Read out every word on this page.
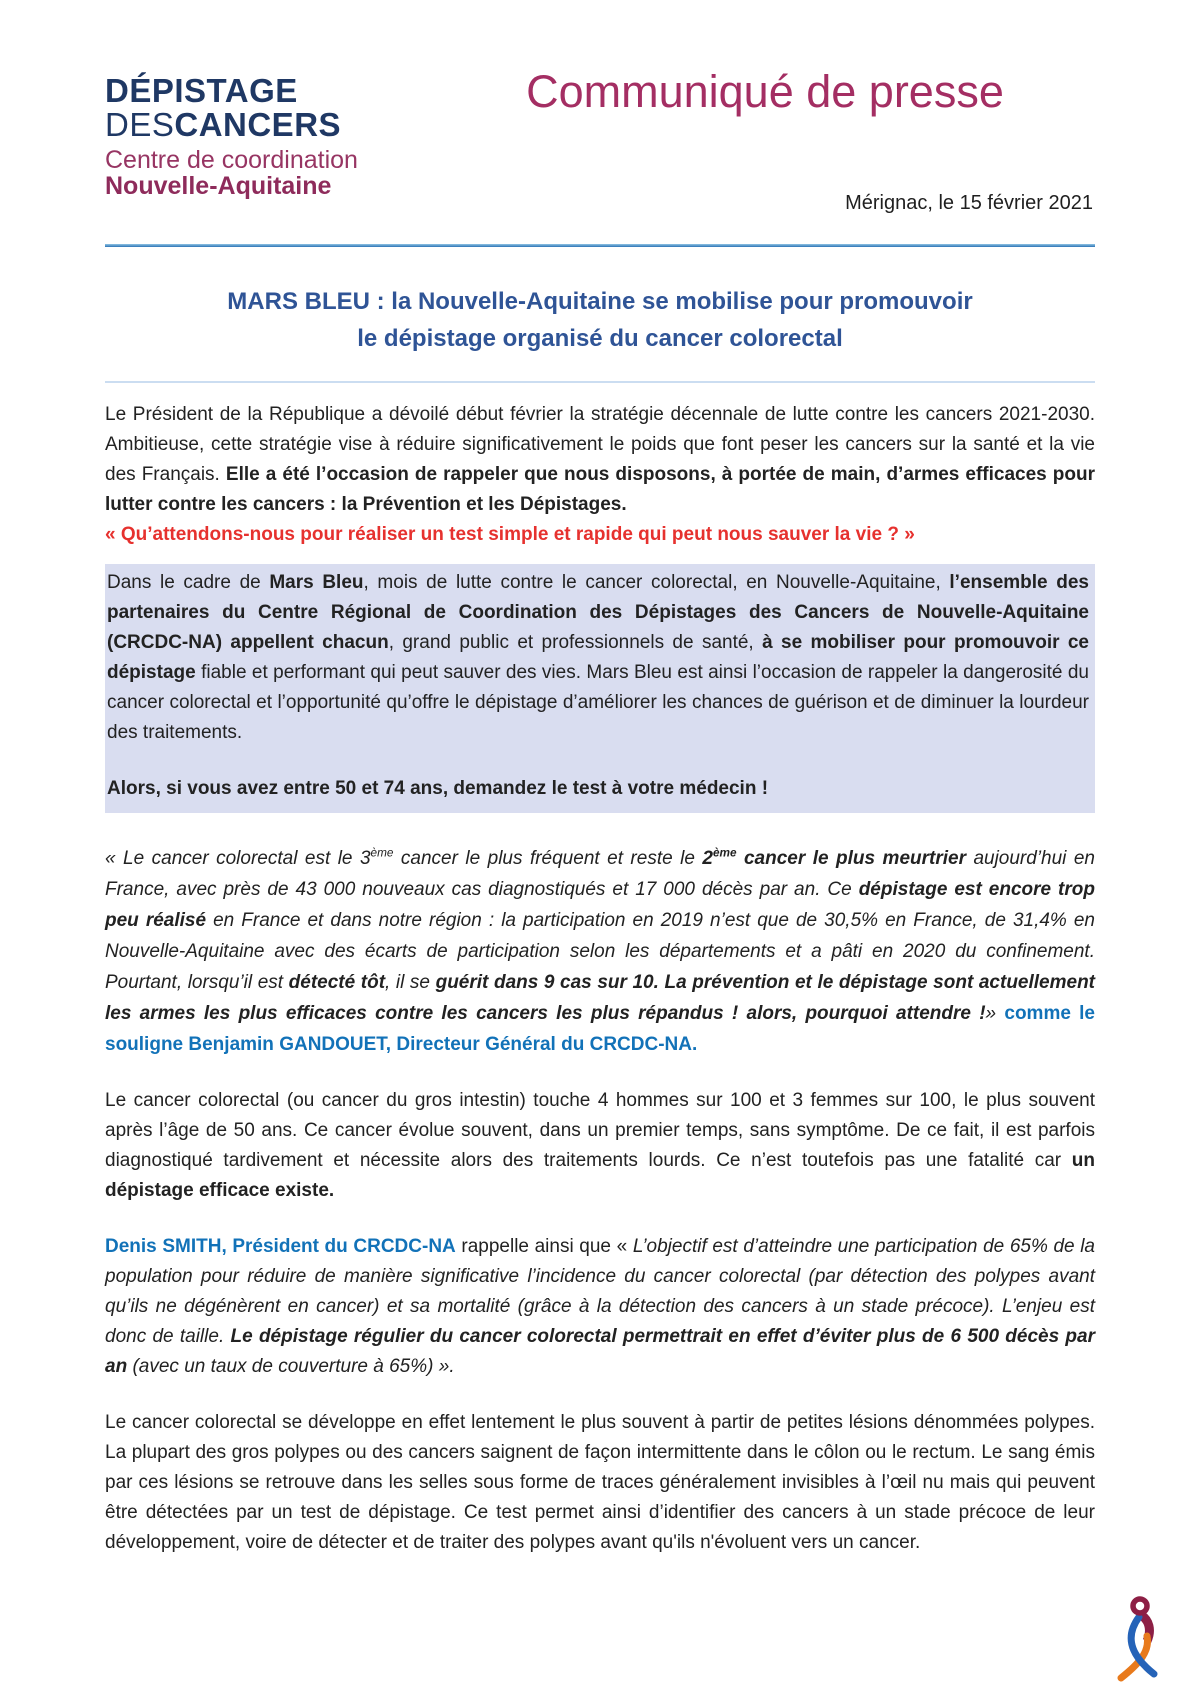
DÉPISTAGE
DESCANCERS
Centre de coordination
Nouvelle-Aquitaine
Communiqué de presse
Mérignac, le 15 février 2021
MARS BLEU : la Nouvelle-Aquitaine se mobilise pour promouvoir
le dépistage organisé du cancer colorectal
Le Président de la République a dévoilé début février la stratégie décennale de lutte contre les cancers 2021-2030. Ambitieuse, cette stratégie vise à réduire significativement le poids que font peser les cancers sur la santé et la vie des Français. Elle a été l’occasion de rappeler que nous disposons, à portée de main, d’armes efficaces pour lutter contre les cancers : la Prévention et les Dépistages.
« Qu’attendons-nous pour réaliser un test simple et rapide qui peut nous sauver la vie ? »
Dans le cadre de Mars Bleu, mois de lutte contre le cancer colorectal, en Nouvelle-Aquitaine, l’ensemble des partenaires du Centre Régional de Coordination des Dépistages des Cancers de Nouvelle-Aquitaine (CRCDC-NA) appellent chacun, grand public et professionnels de santé, à se mobiliser pour promouvoir ce dépistage fiable et performant qui peut sauver des vies. Mars Bleu est ainsi l’occasion de rappeler la dangerosité du cancer colorectal et l’opportunité qu’offre le dépistage d’améliorer les chances de guérison et de diminuer la lourdeur des traitements.
Alors, si vous avez entre 50 et 74 ans, demandez le test à votre médecin !
« Le cancer colorectal est le 3ème cancer le plus fréquent et reste le 2ème cancer le plus meurtrier aujourd’hui en France, avec près de 43 000 nouveaux cas diagnostiqués et 17 000 décès par an. Ce dépistage est encore trop peu réalisé en France et dans notre région : la participation en 2019 n’est que de 30,5% en France, de 31,4% en Nouvelle-Aquitaine avec des écarts de participation selon les départements et a pâti en 2020 du confinement. Pourtant, lorsqu’il est détecté tôt, il se guérit dans 9 cas sur 10. La prévention et le dépistage sont actuellement les armes les plus efficaces contre les cancers les plus répandus ! alors, pourquoi attendre !» comme le souligne Benjamin GANDOUET, Directeur Général du CRCDC-NA.
Le cancer colorectal (ou cancer du gros intestin) touche 4 hommes sur 100 et 3 femmes sur 100, le plus souvent après l’âge de 50 ans. Ce cancer évolue souvent, dans un premier temps, sans symptôme. De ce fait, il est parfois diagnostiqué tardivement et nécessite alors des traitements lourds. Ce n’est toutefois pas une fatalité car un dépistage efficace existe.
Denis SMITH, Président du CRCDC-NA rappelle ainsi que « L’objectif est d’atteindre une participation de 65% de la population pour réduire de manière significative l’incidence du cancer colorectal (par détection des polypes avant qu’ils ne dégénèrent en cancer) et sa mortalité (grâce à la détection des cancers à un stade précoce). L’enjeu est donc de taille. Le dépistage régulier du cancer colorectal permettrait en effet d’éviter plus de 6 500 décès par an (avec un taux de couverture à 65%) ».
Le cancer colorectal se développe en effet lentement le plus souvent à partir de petites lésions dénommées polypes. La plupart des gros polypes ou des cancers saignent de façon intermittente dans le côlon ou le rectum. Le sang émis par ces lésions se retrouve dans les selles sous forme de traces généralement invisibles à l’œil nu mais qui peuvent être détectées par un test de dépistage. Ce test permet ainsi d’identifier des cancers à un stade précoce de leur développement, voire de détecter et de traiter des polypes avant qu'ils n'évoluent vers un cancer.
